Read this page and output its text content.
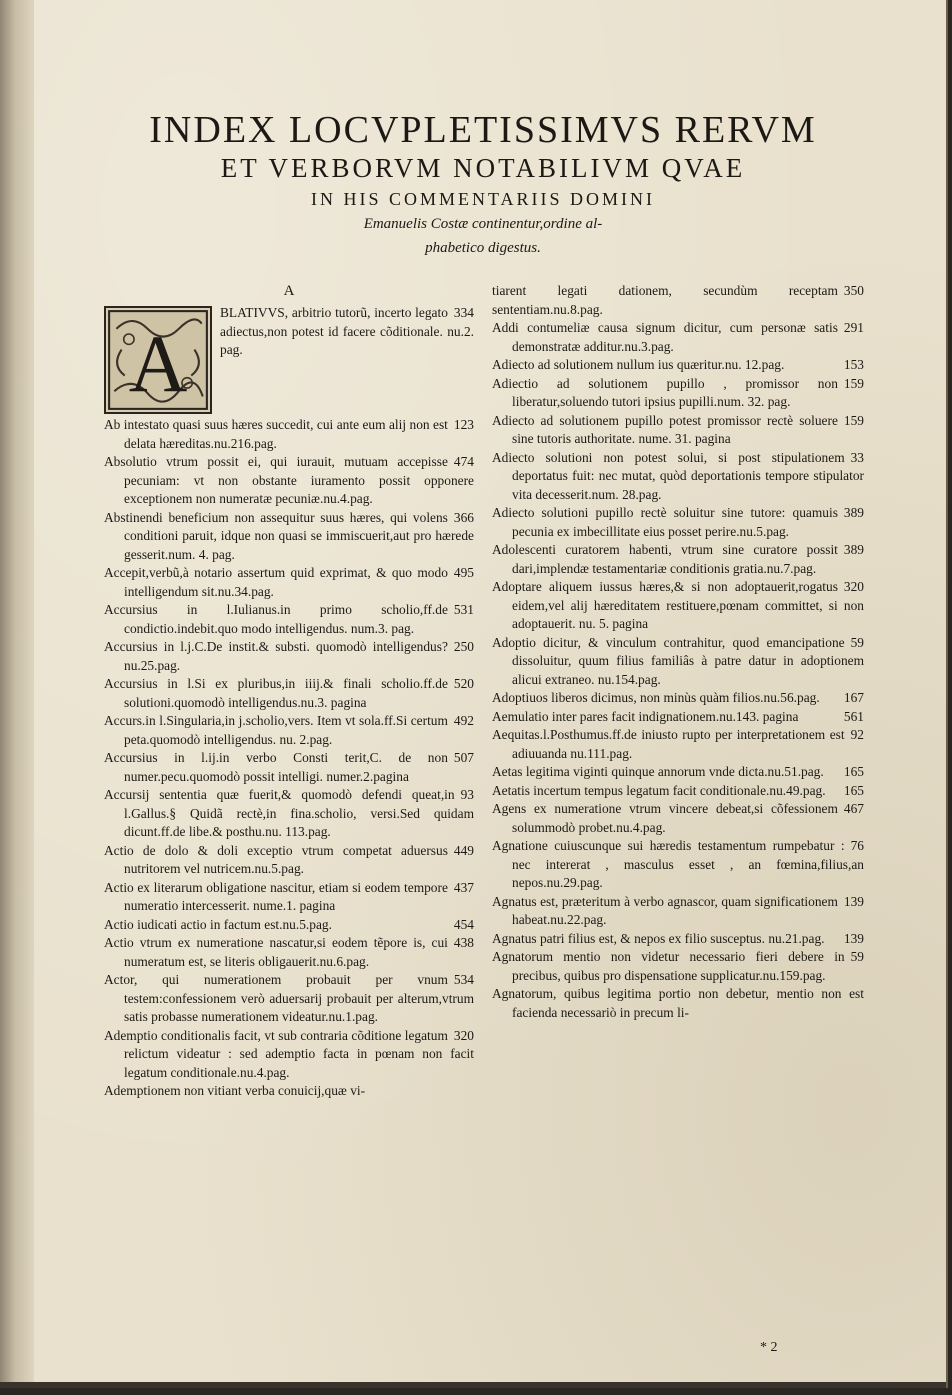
INDEX LOCVPLETISSIMVS RERVM

ET VERBORVM NOTABILIVM QVAE

IN HIS COMMENTARIIS DOMINI

Emanuelis Costæ continentur,ordine al-

phabetico digestus.

A
A

334
BLATIVVS, arbitrio tutorũ, incerto legato adiectus,non potest id facere cõditionale. nu.2. pag.

123
Ab intestato quasi suus hæres succedit, cui ante eum alij non est delata hæreditas.nu.216.pag.

474
Absolutio vtrum possit ei, qui iurauit, mutuam accepisse pecuniam: vt non obstante iuramento possit opponere exceptionem non numeratæ pecuniæ.nu.4.pag.

366
Abstinendi beneficium non assequitur suus hæres, qui volens conditioni paruit, idque non quasi se immiscuerit,aut pro hærede gesserit.num. 4. pag.

495
Accepit,verbũ,à notario assertum quid exprimat, & quo modo intelligendum sit.nu.34.pag.

531
Accursius in l.Iulianus.in primo scholio,ff.de condictio.indebit.quo modo intelligendus. num.3. pag.

250
Accursius in l.j.C.De instit.& substi. quomodò intelligendus?nu.25.pag.

520
Accursius in l.Si ex pluribus,in iiij.& finali scholio.ff.de solutioni.quomodò intelligendus.nu.3. pagina

492
Accurs.in l.Singularia,in j.scholio,vers. Item vt sola.ff.Si certum peta.quomodò intelligendus. nu. 2.pag.

507
Accursius in l.ij.in verbo Consti terit,C. de non numer.pecu.quomodò possit intelligi. numer.2.pagina

93
Accursij sententia quæ fuerit,& quomodò defendi queat,in l.Gallus.§ Quidã rectè,in fina.scholio, versi.Sed quidam dicunt.ff.de libe.& posthu.nu. 113.pag.

449
Actio de dolo & doli exceptio vtrum competat aduersus nutritorem vel nutricem.nu.5.pag.

437
Actio ex literarum obligatione nascitur, etiam si eodem tempore numeratio intercesserit. nume.1. pagina

454
Actio iudicati actio in factum est.nu.5.pag.

438
Actio vtrum ex numeratione nascatur,si eodem tẽpore is, cui numeratum est, se literis obligauerit.nu.6.pag.

534
Actor, qui numerationem probauit per vnum testem:confessionem verò aduersarij probauit per alterum,vtrum satis probasse numerationem videatur.nu.1.pag.

320
Ademptio conditionalis facit, vt sub contraria cõditione legatum relictum videatur : sed ademptio facta in pœnam non facit legatum conditionale.nu.4.pag.

Ademptionem non vitiant verba conuicij,quæ vi-

350
tiarent legati dationem, secundùm receptam sententiam.nu.8.pag.

291
Addi contumeliæ causa signum dicitur, cum personæ satis demonstratæ additur.nu.3.pag.

153
Adiecto ad solutionem nullum ius quæritur.nu. 12.pag.

159
Adiectio ad solutionem pupillo , promissor non liberatur,soluendo tutori ipsius pupilli.num. 32. pag.

159
Adiecto ad solutionem pupillo potest promissor rectè soluere sine tutoris authoritate. nume. 31. pagina

33
Adiecto solutioni non potest solui, si post stipulationem deportatus fuit: nec mutat, quòd deportationis tempore stipulator vita decesserit.num. 28.pag.

389
Adiecto solutioni pupillo rectè soluitur sine tutore: quamuis pecunia ex imbecillitate eius posset perire.nu.5.pag.

389
Adolescenti curatorem habenti, vtrum sine curatore possit dari,implendæ testamentariæ conditionis gratia.nu.7.pag.

320
Adoptare aliquem iussus hæres,& si non adoptauerit,rogatus eidem,vel alij hæreditatem restituere,pœnam committet, si non adoptauerit. nu. 5. pagina

59
Adoptio dicitur, & vinculum contrahitur, quod emancipatione dissoluitur, quum filius familiâs à patre datur in adoptionem alicui extraneo. nu.154.pag.

167
Adoptiuos liberos dicimus, non minùs quàm filios.nu.56.pag.

561
Aemulatio inter pares facit indignationem.nu.143. pagina

92
Aequitas.l.Posthumus.ff.de iniusto rupto per interpretationem est adiuuanda nu.111.pag.

165
Aetas legitima viginti quinque annorum vnde dicta.nu.51.pag.

165
Aetatis incertum tempus legatum facit conditionale.nu.49.pag.

467
Agens ex numeratione vtrum vincere debeat,si cõfessionem solummodò probet.nu.4.pag.

76
Agnatione cuiuscunque sui hæredis testamentum rumpebatur : nec intererat , masculus esset , an fœmina,filius,an nepos.nu.29.pag.

139
Agnatus est, præteritum à verbo agnascor, quam significationem habeat.nu.22.pag.

139
Agnatus patri filius est, & nepos ex filio susceptus. nu.21.pag.

59
Agnatorum mentio non videtur necessario fieri debere in precibus, quibus pro dispensatione supplicatur.nu.159.pag.

Agnatorum, quibus legitima portio non debetur, mentio non est facienda necessariò in precum li-

* 2
